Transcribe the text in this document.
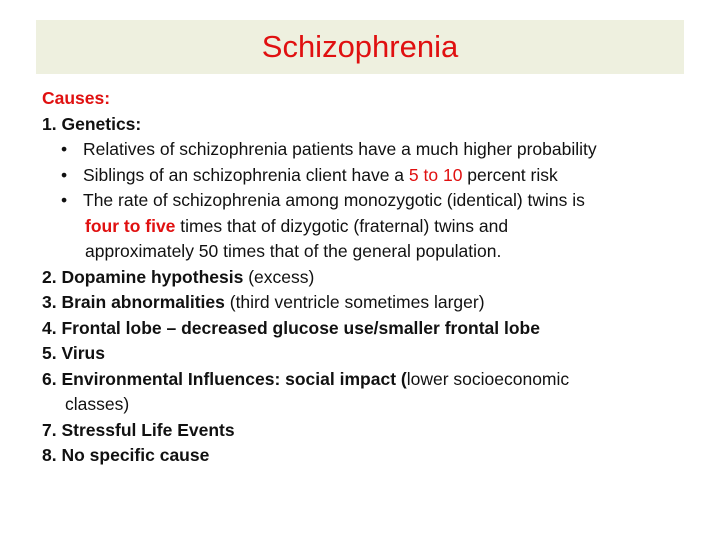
Schizophrenia
Causes:
1. Genetics:
• Relatives of schizophrenia patients have a much higher probability
• Siblings of an schizophrenia client have a 5 to 10 percent risk
• The rate of schizophrenia among monozygotic (identical) twins is
four to five times that of dizygotic (fraternal) twins and
approximately 50 times that of the general population.
2. Dopamine hypothesis (excess)
3. Brain abnormalities (third ventricle sometimes larger)
4. Frontal lobe – decreased glucose use/smaller frontal lobe
5. Virus
6. Environmental Influences: social impact (lower socioeconomic
classes)
7. Stressful Life Events
8. No specific cause
